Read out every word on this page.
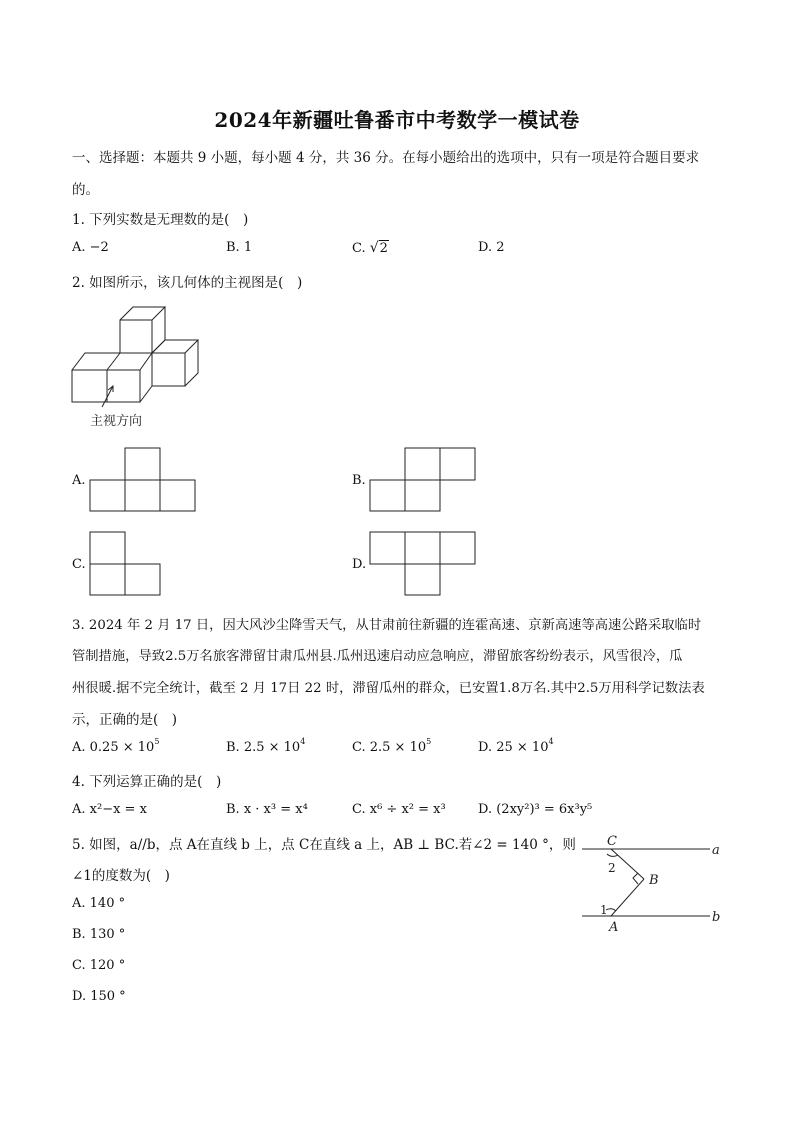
2024年新疆吐鲁番市中考数学一模试卷
一、选择题：本题共 9 小题，每小题 4 分，共 36 分。在每小题给出的选项中，只有一项是符合题目要求
的。
1. 下列实数是无理数的是(　)
A. −2	B. 1	C. √2	D. 2
2. 如图所示，该几何体的主视图是(　)
主视方向
A.	B.
C.	D.
3. 2024 年 2 月 17 日，因大风沙尘降雪天气，从甘肃前往新疆的连霍高速、京新高速等高速公路采取临时
管制措施，导致2.5万名旅客滞留甘肃瓜州县.瓜州迅速启动应急响应，滞留旅客纷纷表示，风雪很冷，瓜
州很暖.据不完全统计，截至 2 月 17日 22 时，滞留瓜州的群众，已安置1.8万名.其中2.5万用科学记数法表
示，正确的是(　)
A. $0.25 \times 10^5$	B. $2.5 \times 10^4$	C. $2.5 \times 10^5$	D. $25 \times 10^4$
4. 下列运算正确的是(　)
A. x²−x = x	B. x · x³ = x⁴	C. x⁶ ÷ x² = x³ D. (2xy²)³ = 6x³y⁵
5. 如图，a//b，点 A在直线 b 上，点 C在直线 a 上，AB ⊥ BC.若∠2 = 140 °，则
∠1的度数为(　)
A. 140 °
B. 130 °
C. 120 °
D. 150 °
C
a
2
B
1
A
b
